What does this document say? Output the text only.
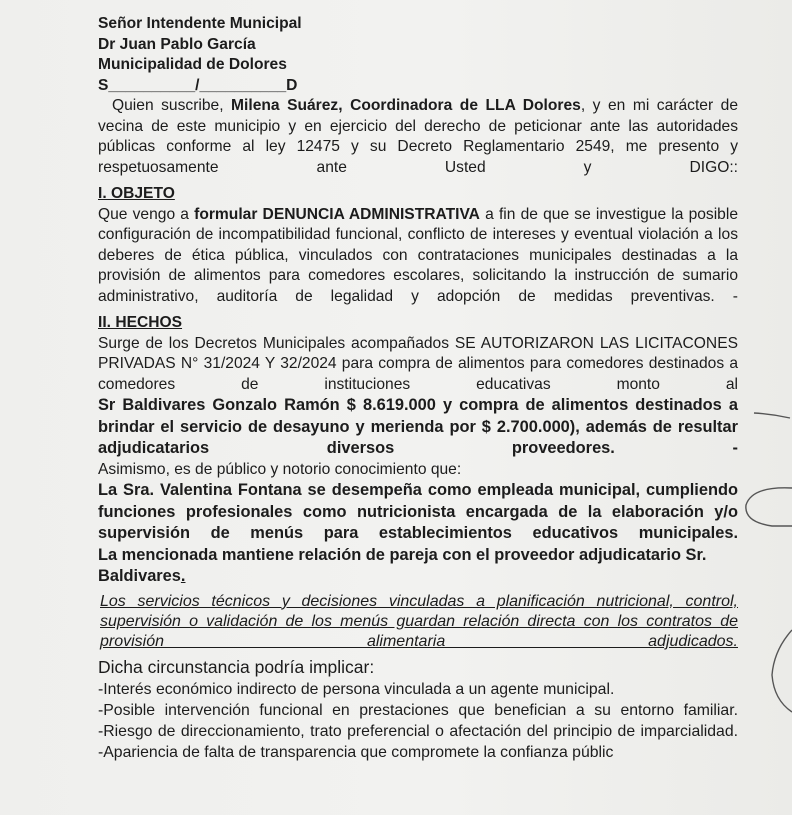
Señor Intendente Municipal

Dr Juan Pablo García

Municipalidad de Dolores

S__________/__________D

Quien suscribe, Milena Suárez, Coordinadora de LLA Dolores, y en mi carácter de vecina de este municipio y en ejercicio del derecho de peticionar ante las autoridades públicas conforme al ley 12475 y su Decreto Reglamentario 2549, me presento y respetuosamente ante Usted y DIGO::

I. OBJETO

Que vengo a formular DENUNCIA ADMINISTRATIVA a fin de que se investigue la posible configuración de incompatibilidad funcional, conflicto de intereses y eventual violación a los deberes de ética pública, vinculados con contrataciones municipales destinadas a la provisión de alimentos para comedores escolares, solicitando la instrucción de sumario administrativo, auditoría de legalidad y adopción de medidas preventivas. -

II. HECHOS

Surge de los Decretos Municipales acompañados SE AUTORIZARON LAS LICITACONES PRIVADAS N° 31/2024 Y 32/2024 para compra de alimentos para comedores destinados a comedores de instituciones educativas monto al

Sr Baldivares Gonzalo Ramón $ 8.619.000 y compra de alimentos destinados a brindar el servicio de desayuno y merienda por $ 2.700.000), además de resultar adjudicatarios diversos proveedores. -

Asimismo, es de público y notorio conocimiento que:

La Sra. Valentina Fontana se desempeña como empleada municipal, cumpliendo funciones profesionales como nutricionista encargada de la elaboración y/o supervisión de menús para establecimientos educativos municipales.

La mencionada mantiene relación de pareja con el proveedor adjudicatario Sr. Baldivares.

Los servicios técnicos y decisiones vinculadas a planificación nutricional, control, supervisión o validación de los menús guardan relación directa con los contratos de provisión alimentaria adjudicados.

Dicha circunstancia podría implicar:

-Interés económico indirecto de persona vinculada a un agente municipal.

-Posible intervención funcional en prestaciones que benefician a su entorno familiar.

-Riesgo de direccionamiento, trato preferencial o afectación del principio de imparcialidad.

-Apariencia de falta de transparencia que compromete la confianza públic
